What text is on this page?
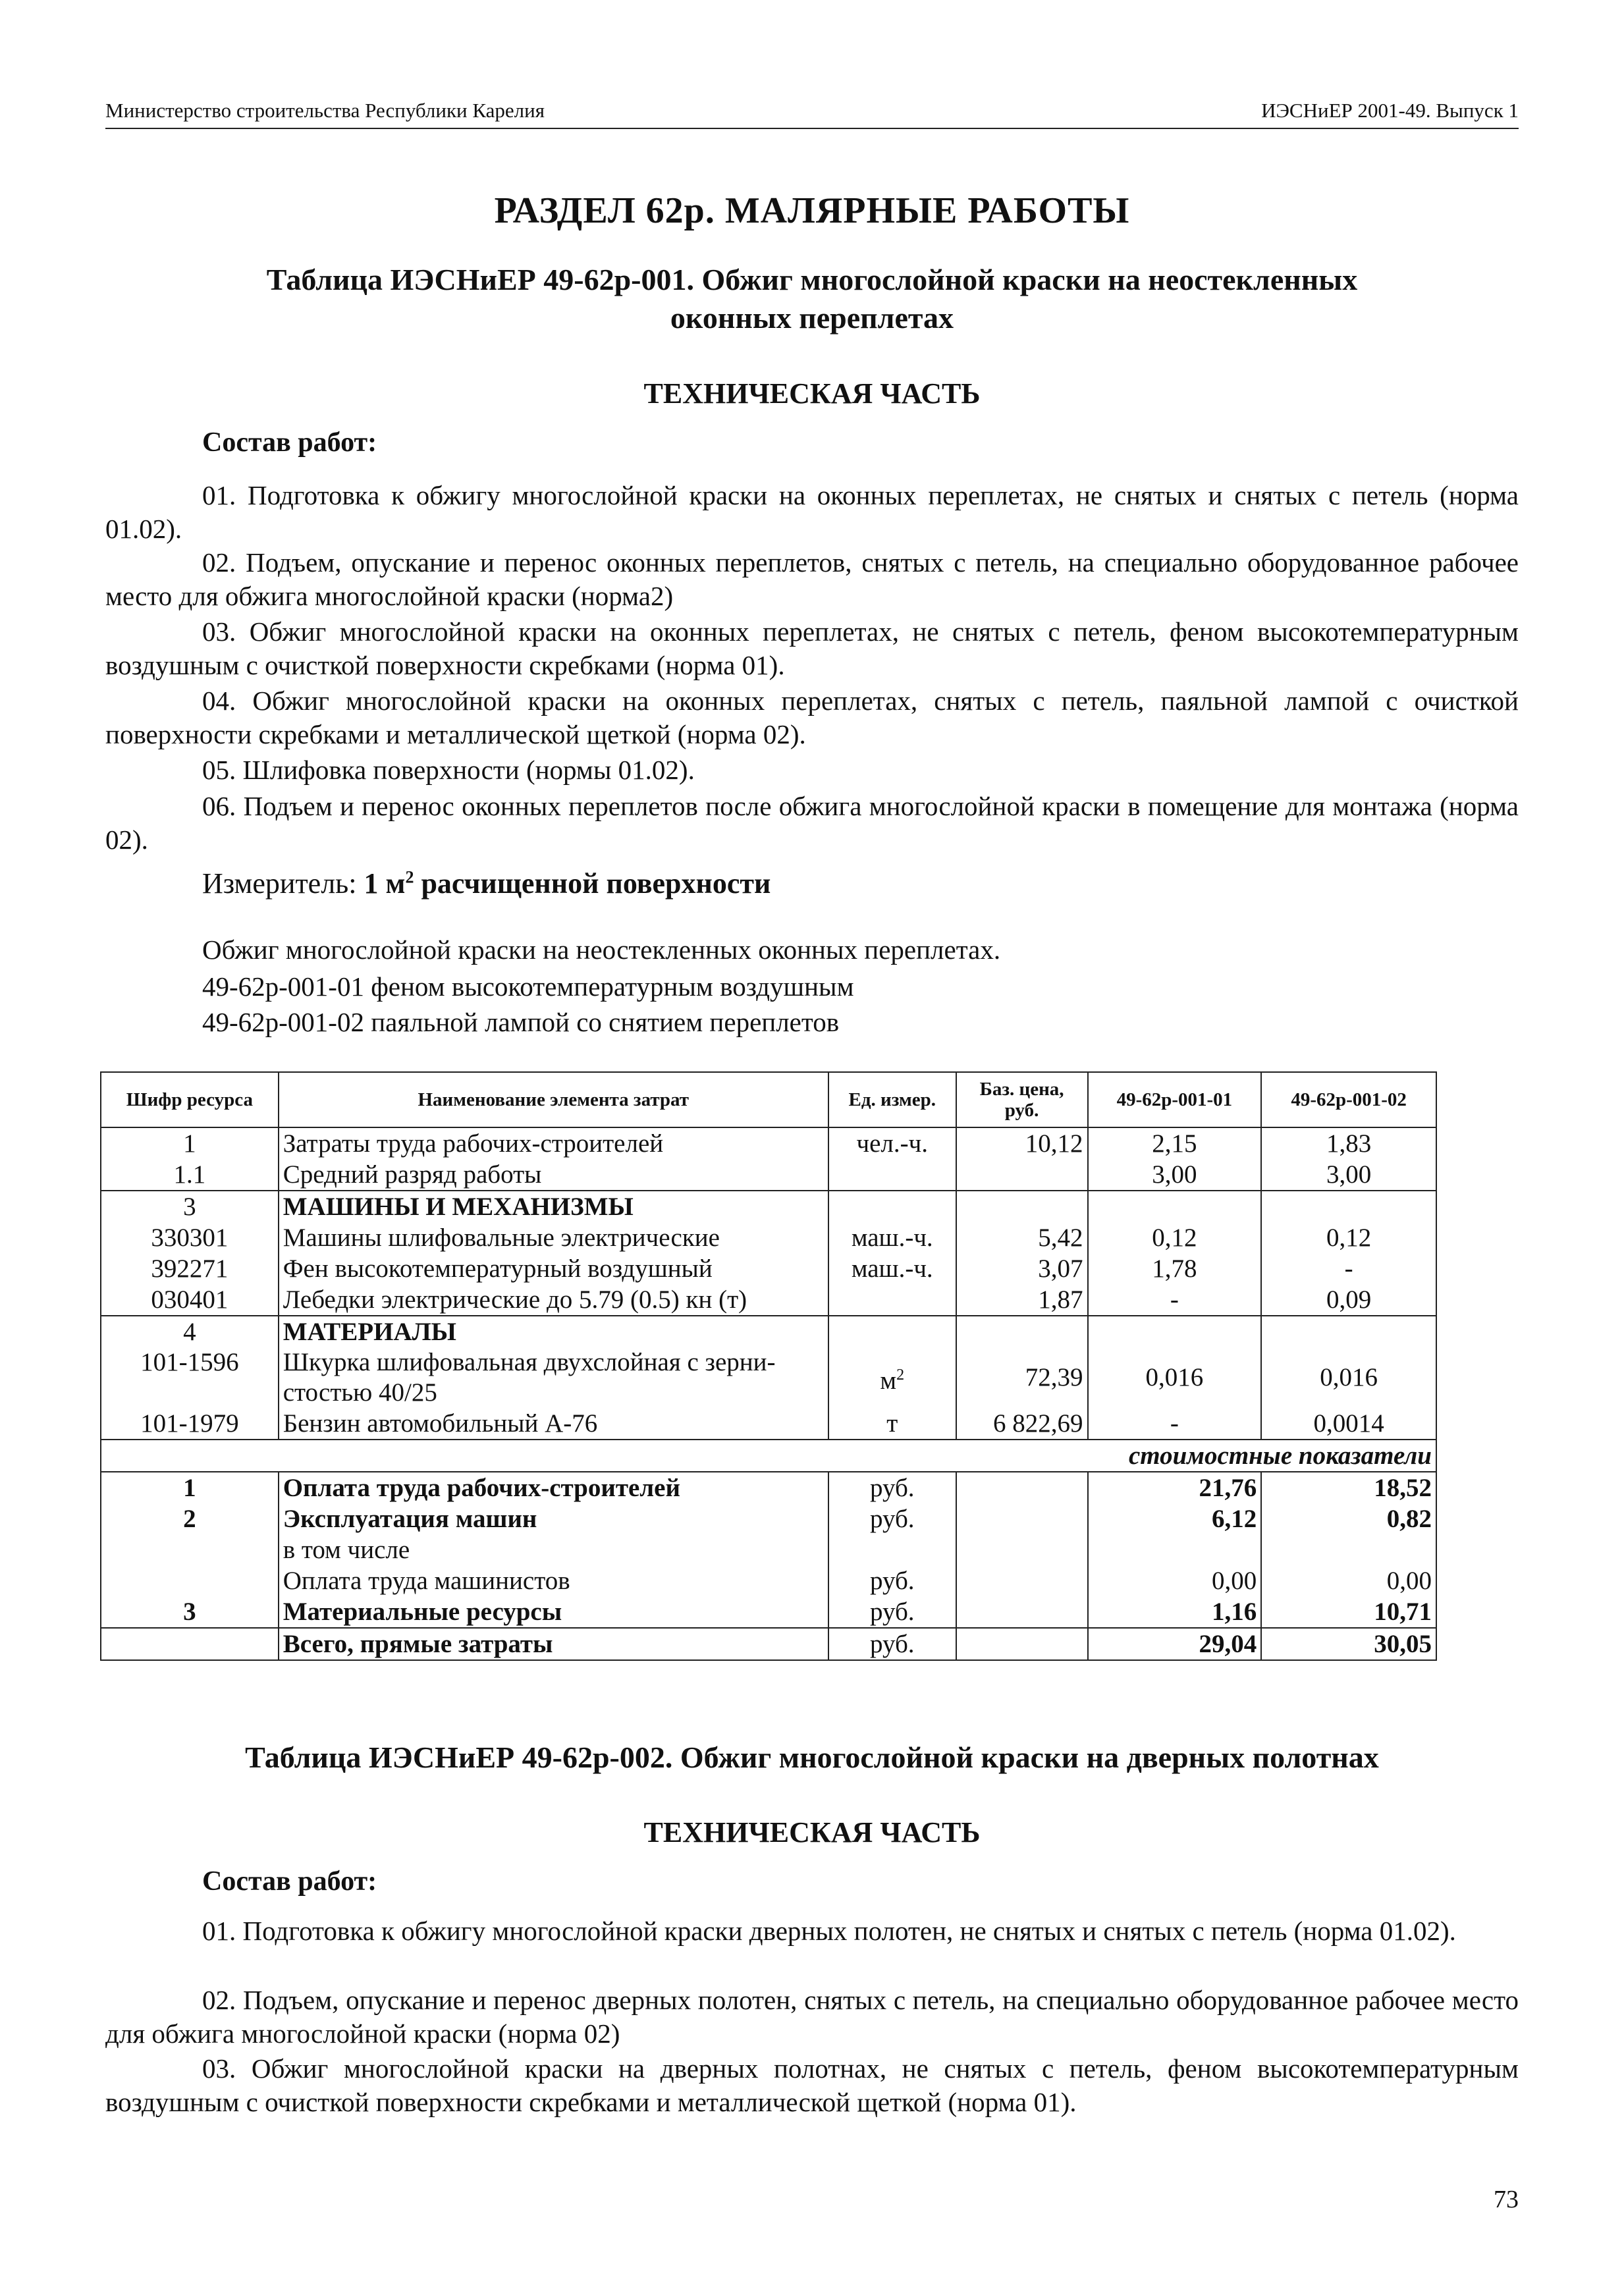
Министерство строительства Республики Карелия	ИЭСНиЕР 2001-49. Выпуск 1
РАЗДЕЛ 62р. МАЛЯРНЫЕ РАБОТЫ
Таблица ИЭСНиЕР 49-62р-001. Обжиг многослойной краски на неостекленных
оконных переплетах
ТЕХНИЧЕСКАЯ ЧАСТЬ
Состав работ:

01. Подготовка к обжигу многослойной краски на оконных переплетах, не снятых и снятых с петель (норма 01.02).

02. Подъем, опускание и перенос оконных переплетов, снятых с петель, на специально оборудованное рабочее место для обжига многослойной краски (норма2)

03. Обжиг многослойной краски на оконных переплетах, не снятых с петель, феном высокотемпературным воздушным с очисткой поверхности скребками (норма 01).

04. Обжиг многослойной краски на оконных переплетах, снятых с петель, паяльной лампой с очисткой поверхности скребками и металлической щеткой (норма 02).

05. Шлифовка поверхности (нормы 01.02).

06. Подъем и перенос оконных переплетов после обжига многослойной краски в помещение для монтажа (норма 02).

Измеритель: 1 $м^2$ расчищенной поверхности
Обжиг многослойной краски на неостекленных оконных переплетах.
49-62р-001-01 феном высокотемпературным воздушным
49-62р-001-02 паяльной лампой со снятием переплетов
Шифр ресурса	Наименование элемента затрат	Ед. измер.	Баз. цена, руб.	49-62р-001-01	49-62р-001-02
1	Затраты труда рабочих-строителей	чел.-ч.	10,12	2,15	1,83
1.1	Средний разряд работы			3,00	3,00
3	МАШИНЫ И МЕХАНИЗМЫ				
330301	Машины шлифовальные электрические	маш.-ч.	5,42	0,12	0,12
392271	Фен высокотемпературный воздушный	маш.-ч.	3,07	1,78	-
030401	Лебедки электрические до 5.79 (0.5) кн (т)		1,87	-	0,09
4	МАТЕРИАЛЫ				
101-1596	Шкурка шлифовальная двухслойная с зерни-
стостью 40/25	$м^2$	72,39	0,016	0,016
101-1979	Бензин автомобильный А-76	т	6 822,69	-	0,0014
стоимостные показатели					
1	Оплата труда рабочих-строителей	руб.		21,76	18,52
2	Эксплуатация машин	руб.		6,12	0,82
	в том числе				
	Оплата труда машинистов	руб.		0,00	0,00
3	Материальные ресурсы	руб.		1,16	10,71
	Всего, прямые затраты	руб.		29,04	30,05
Таблица ИЭСНиЕР 49-62р-002. Обжиг многослойной краски на дверных полотнах
ТЕХНИЧЕСКАЯ ЧАСТЬ
Состав работ:

01. Подготовка к обжигу многослойной краски дверных полотен, не снятых и снятых с петель (норма 01.02).

02. Подъем, опускание и перенос дверных полотен, снятых с петель, на специально оборудованное рабочее место для обжига многослойной краски (норма 02)

03. Обжиг многослойной краски на дверных полотнах, не снятых с петель, феном высокотемпературным воздушным с очисткой поверхности скребками и металлической щеткой (норма 01).

73
